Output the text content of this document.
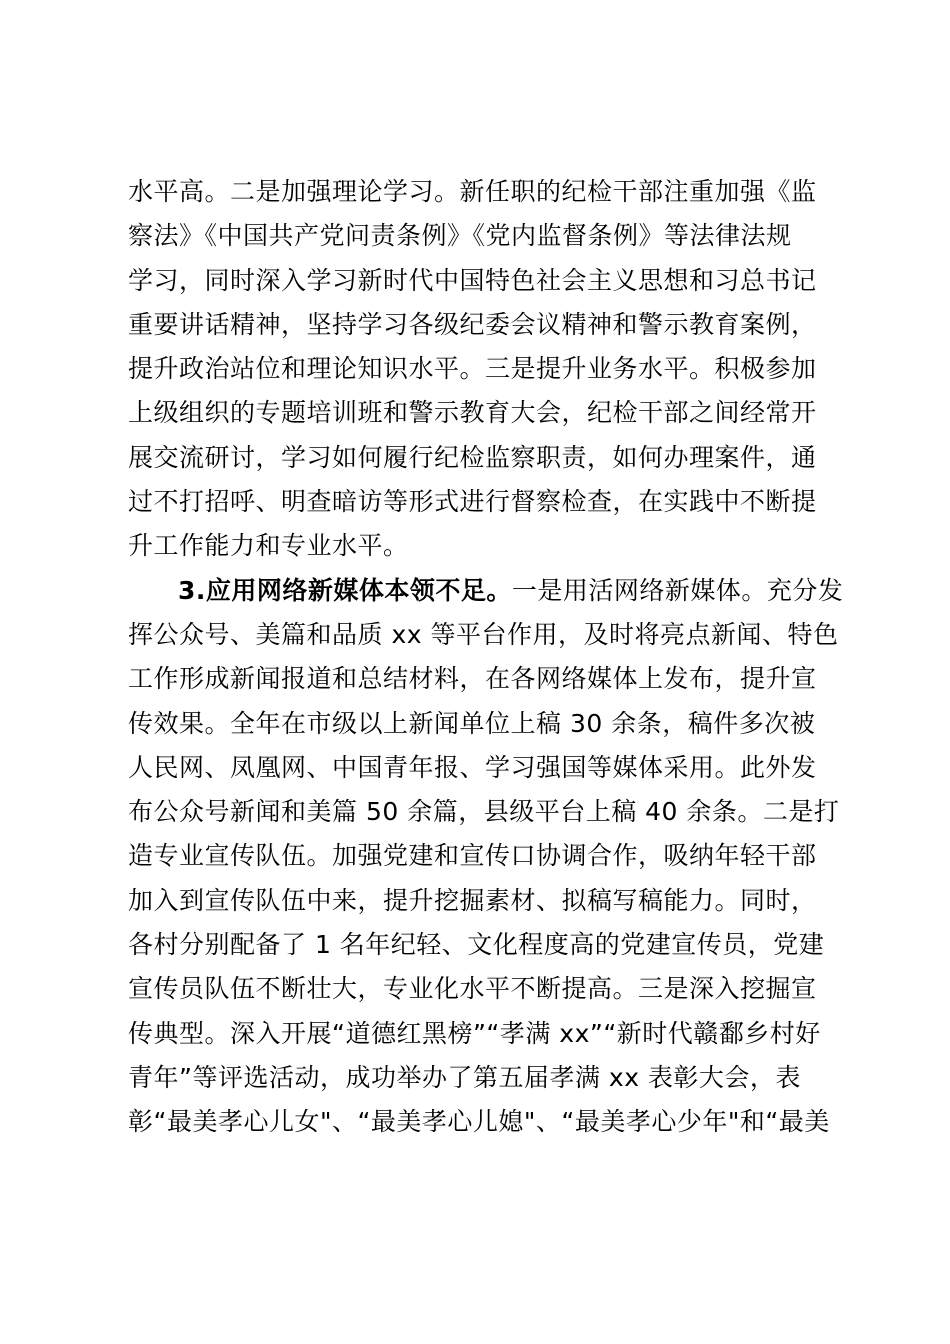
水平高。二是加强理论学习。新任职的纪检干部注重加强《监
察法》《中国共产党问责条例》《党内监督条例》等法律法规
学习，同时深入学习新时代中国特色社会主义思想和习总书记
重要讲话精神，坚持学习各级纪委会议精神和警示教育案例，
提升政治站位和理论知识水平。三是提升业务水平。积极参加
上级组织的专题培训班和警示教育大会，纪检干部之间经常开
展交流研讨，学习如何履行纪检监察职责，如何办理案件，通
过不打招呼、明查暗访等形式进行督察检查，在实践中不断提
升工作能力和专业水平。
3.应用网络新媒体本领不足。一是用活网络新媒体。充分发
挥公众号、美篇和品质 xx 等平台作用，及时将亮点新闻、特色
工作形成新闻报道和总结材料，在各网络媒体上发布，提升宣
传效果。全年在市级以上新闻单位上稿 30 余条，稿件多次被
人民网、凤凰网、中国青年报、学习强国等媒体采用。此外发
布公众号新闻和美篇 50 余篇，县级平台上稿 40 余条。二是打
造专业宣传队伍。加强党建和宣传口协调合作，吸纳年轻干部
加入到宣传队伍中来，提升挖掘素材、拟稿写稿能力。同时，
各村分别配备了 1 名年纪轻、文化程度高的党建宣传员，党建
宣传员队伍不断壮大，专业化水平不断提高。三是深入挖掘宣
传典型。深入开展“道德红黑榜”“孝满 xx”“新时代赣鄱乡村好
青年”等评选活动，成功举办了第五届孝满 xx 表彰大会，表
彰“最美孝心儿女"、“最美孝心儿媳"、“最美孝心少年"和“最美
